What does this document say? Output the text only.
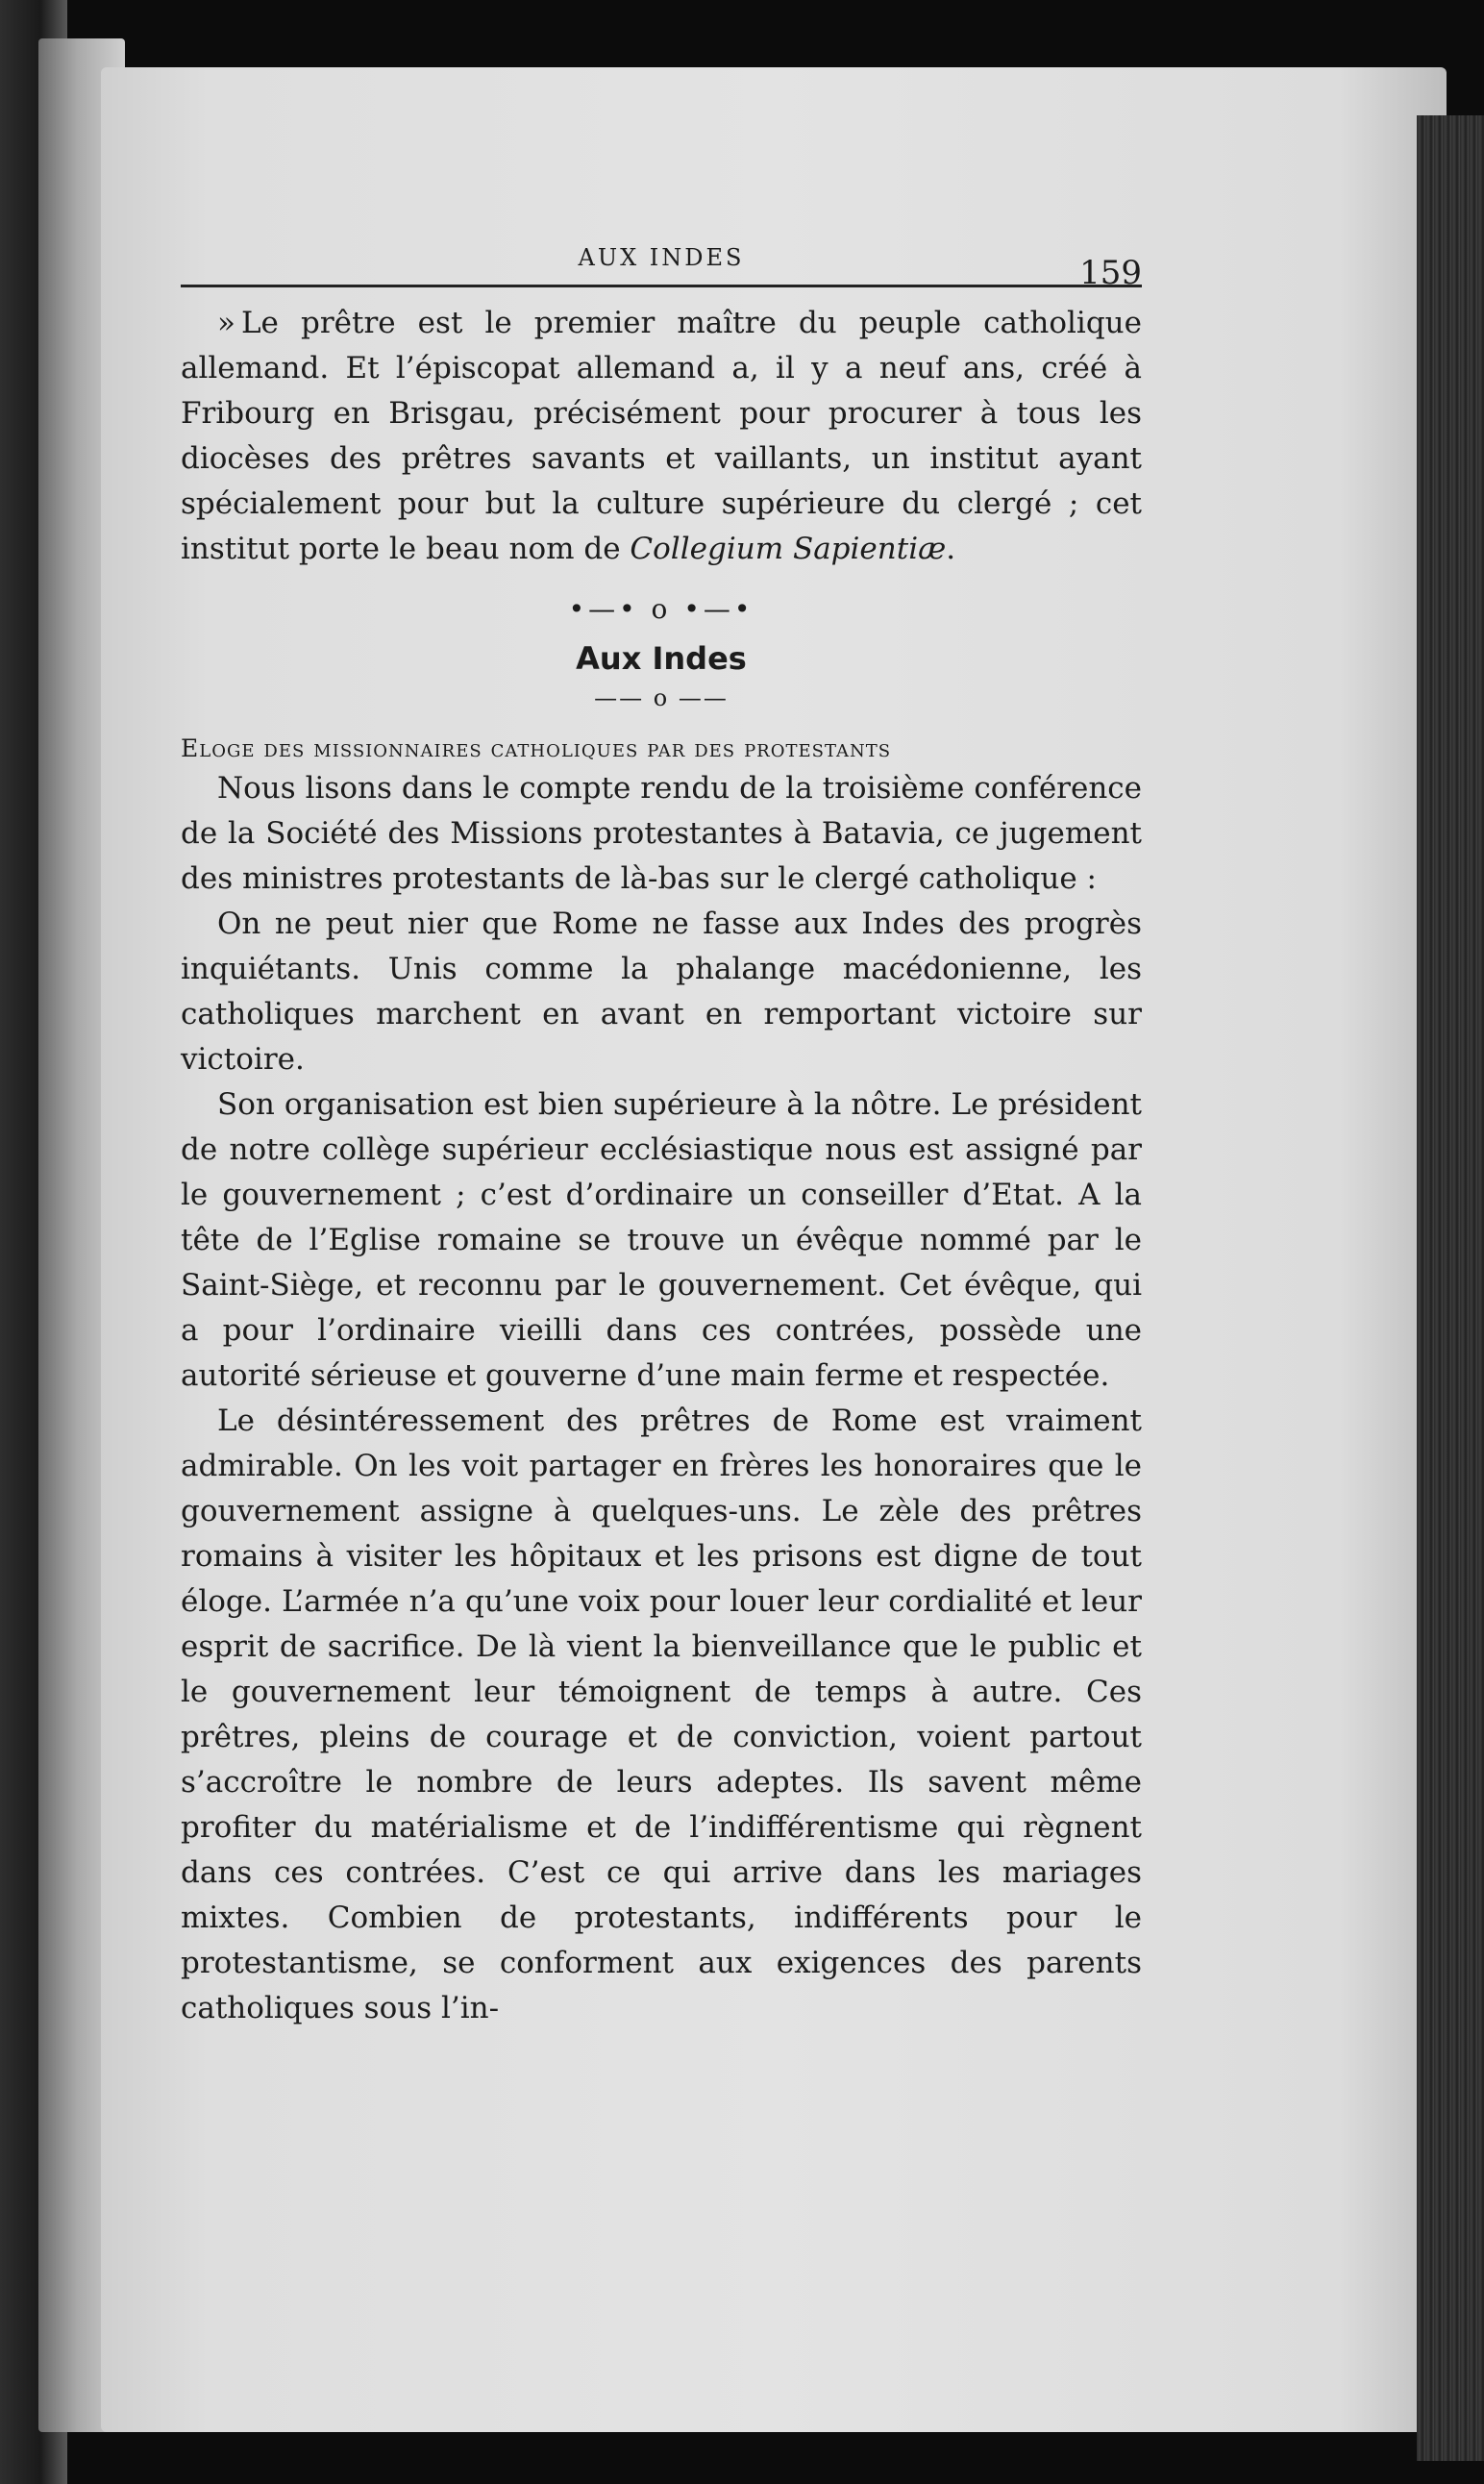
AUX INDES	159

» Le prêtre est le premier maître du peuple catholique allemand. Et l’épiscopat allemand a, il y a neuf ans, créé à Fribourg en Brisgau, précisément pour procurer à tous les diocèses des prêtres savants et vaillants, un institut ayant spécialement pour but la culture supérieure du clergé ; cet institut porte le beau nom de Collegium Sapientiæ.

•—• o •—•
Aux Indes
—— o ——
Eloge des missionnaires catholiques par des protestants

Nous lisons dans le compte rendu de la troisième conférence de la Société des Missions protestantes à Batavia, ce jugement des ministres protestants de là-bas sur le clergé catholique :

On ne peut nier que Rome ne fasse aux Indes des progrès inquiétants. Unis comme la phalange macédonienne, les catholiques marchent en avant en remportant victoire sur victoire.

Son organisation est bien supérieure à la nôtre. Le président de notre collège supérieur ecclésiastique nous est assigné par le gouvernement ; c’est d’ordinaire un conseiller d’Etat. A la tête de l’Eglise romaine se trouve un évêque nommé par le Saint-Siège, et reconnu par le gouvernement. Cet évêque, qui a pour l’ordinaire vieilli dans ces contrées, possède une autorité sérieuse et gouverne d’une main ferme et respectée.

Le désintéressement des prêtres de Rome est vraiment admirable. On les voit partager en frères les honoraires que le gouvernement assigne à quelques-uns. Le zèle des prêtres romains à visiter les hôpitaux et les prisons est digne de tout éloge. L’armée n’a qu’une voix pour louer leur cordialité et leur esprit de sacrifice. De là vient la bienveillance que le public et le gouvernement leur témoignent de temps à autre. Ces prêtres, pleins de courage et de conviction, voient partout s’accroître le nombre de leurs adeptes. Ils savent même profiter du matérialisme et de l’indifférentisme qui règnent dans ces contrées. C’est ce qui arrive dans les mariages mixtes. Combien de protestants, indifférents pour le protestantisme, se conforment aux exigences des parents catholiques sous l’in-
